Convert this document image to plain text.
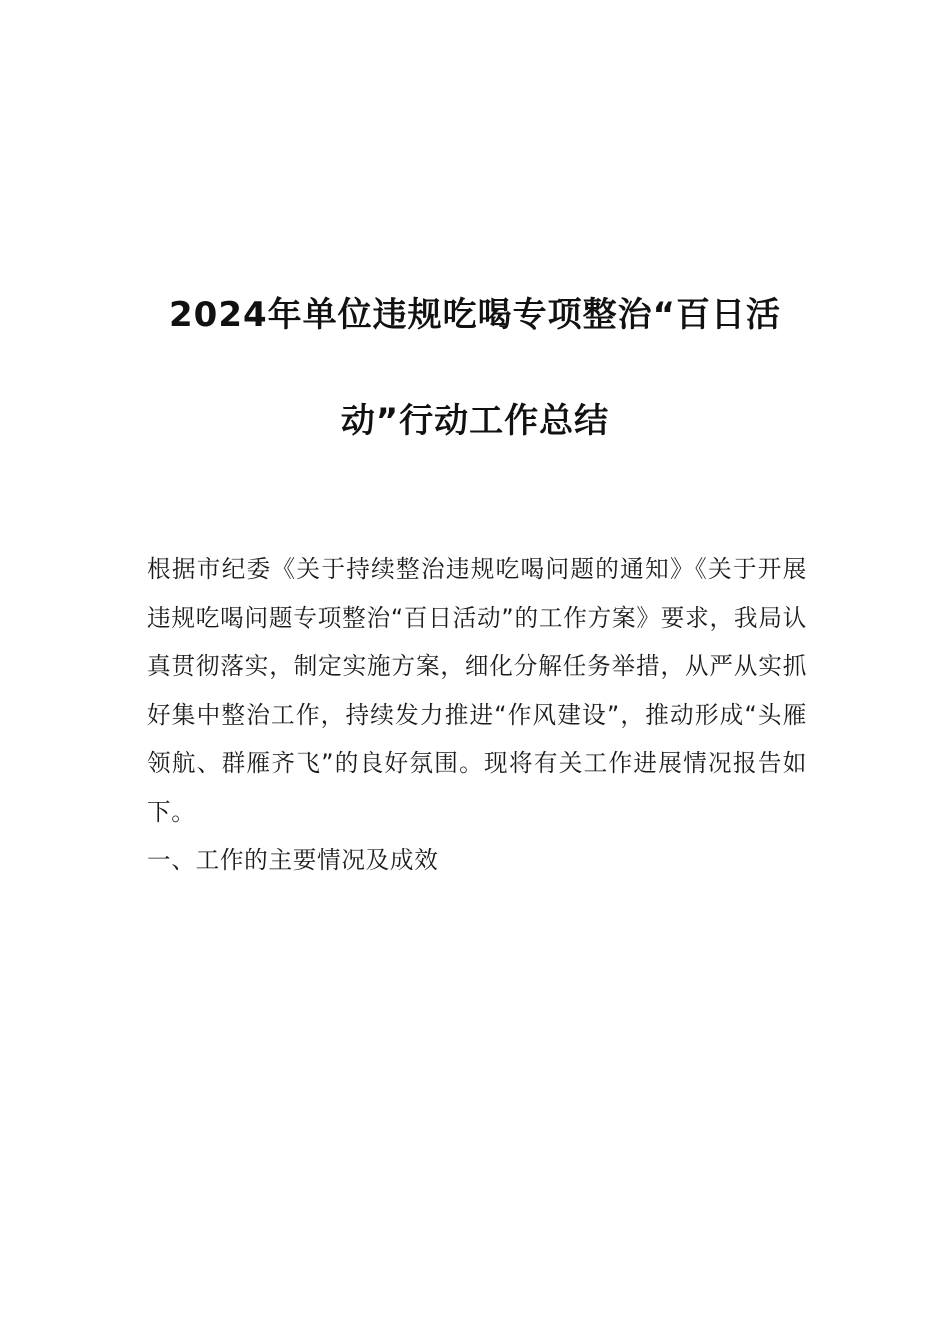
2024年单位违规吃喝专项整治“百日活
动”行动工作总结

根据市纪委《关于持续整治违规吃喝问题的通知》《关于开展违规吃喝问题专项整治“百日活动”的工作方案》要求，我局认真贯彻落实，制定实施方案，细化分解任务举措，从严从实抓好集中整治工作，持续发力推进“作风建设”，推动形成“头雁领航、群雁齐飞”的良好氛围。现将有关工作进展情况报告如下。

一、工作的主要情况及成效
